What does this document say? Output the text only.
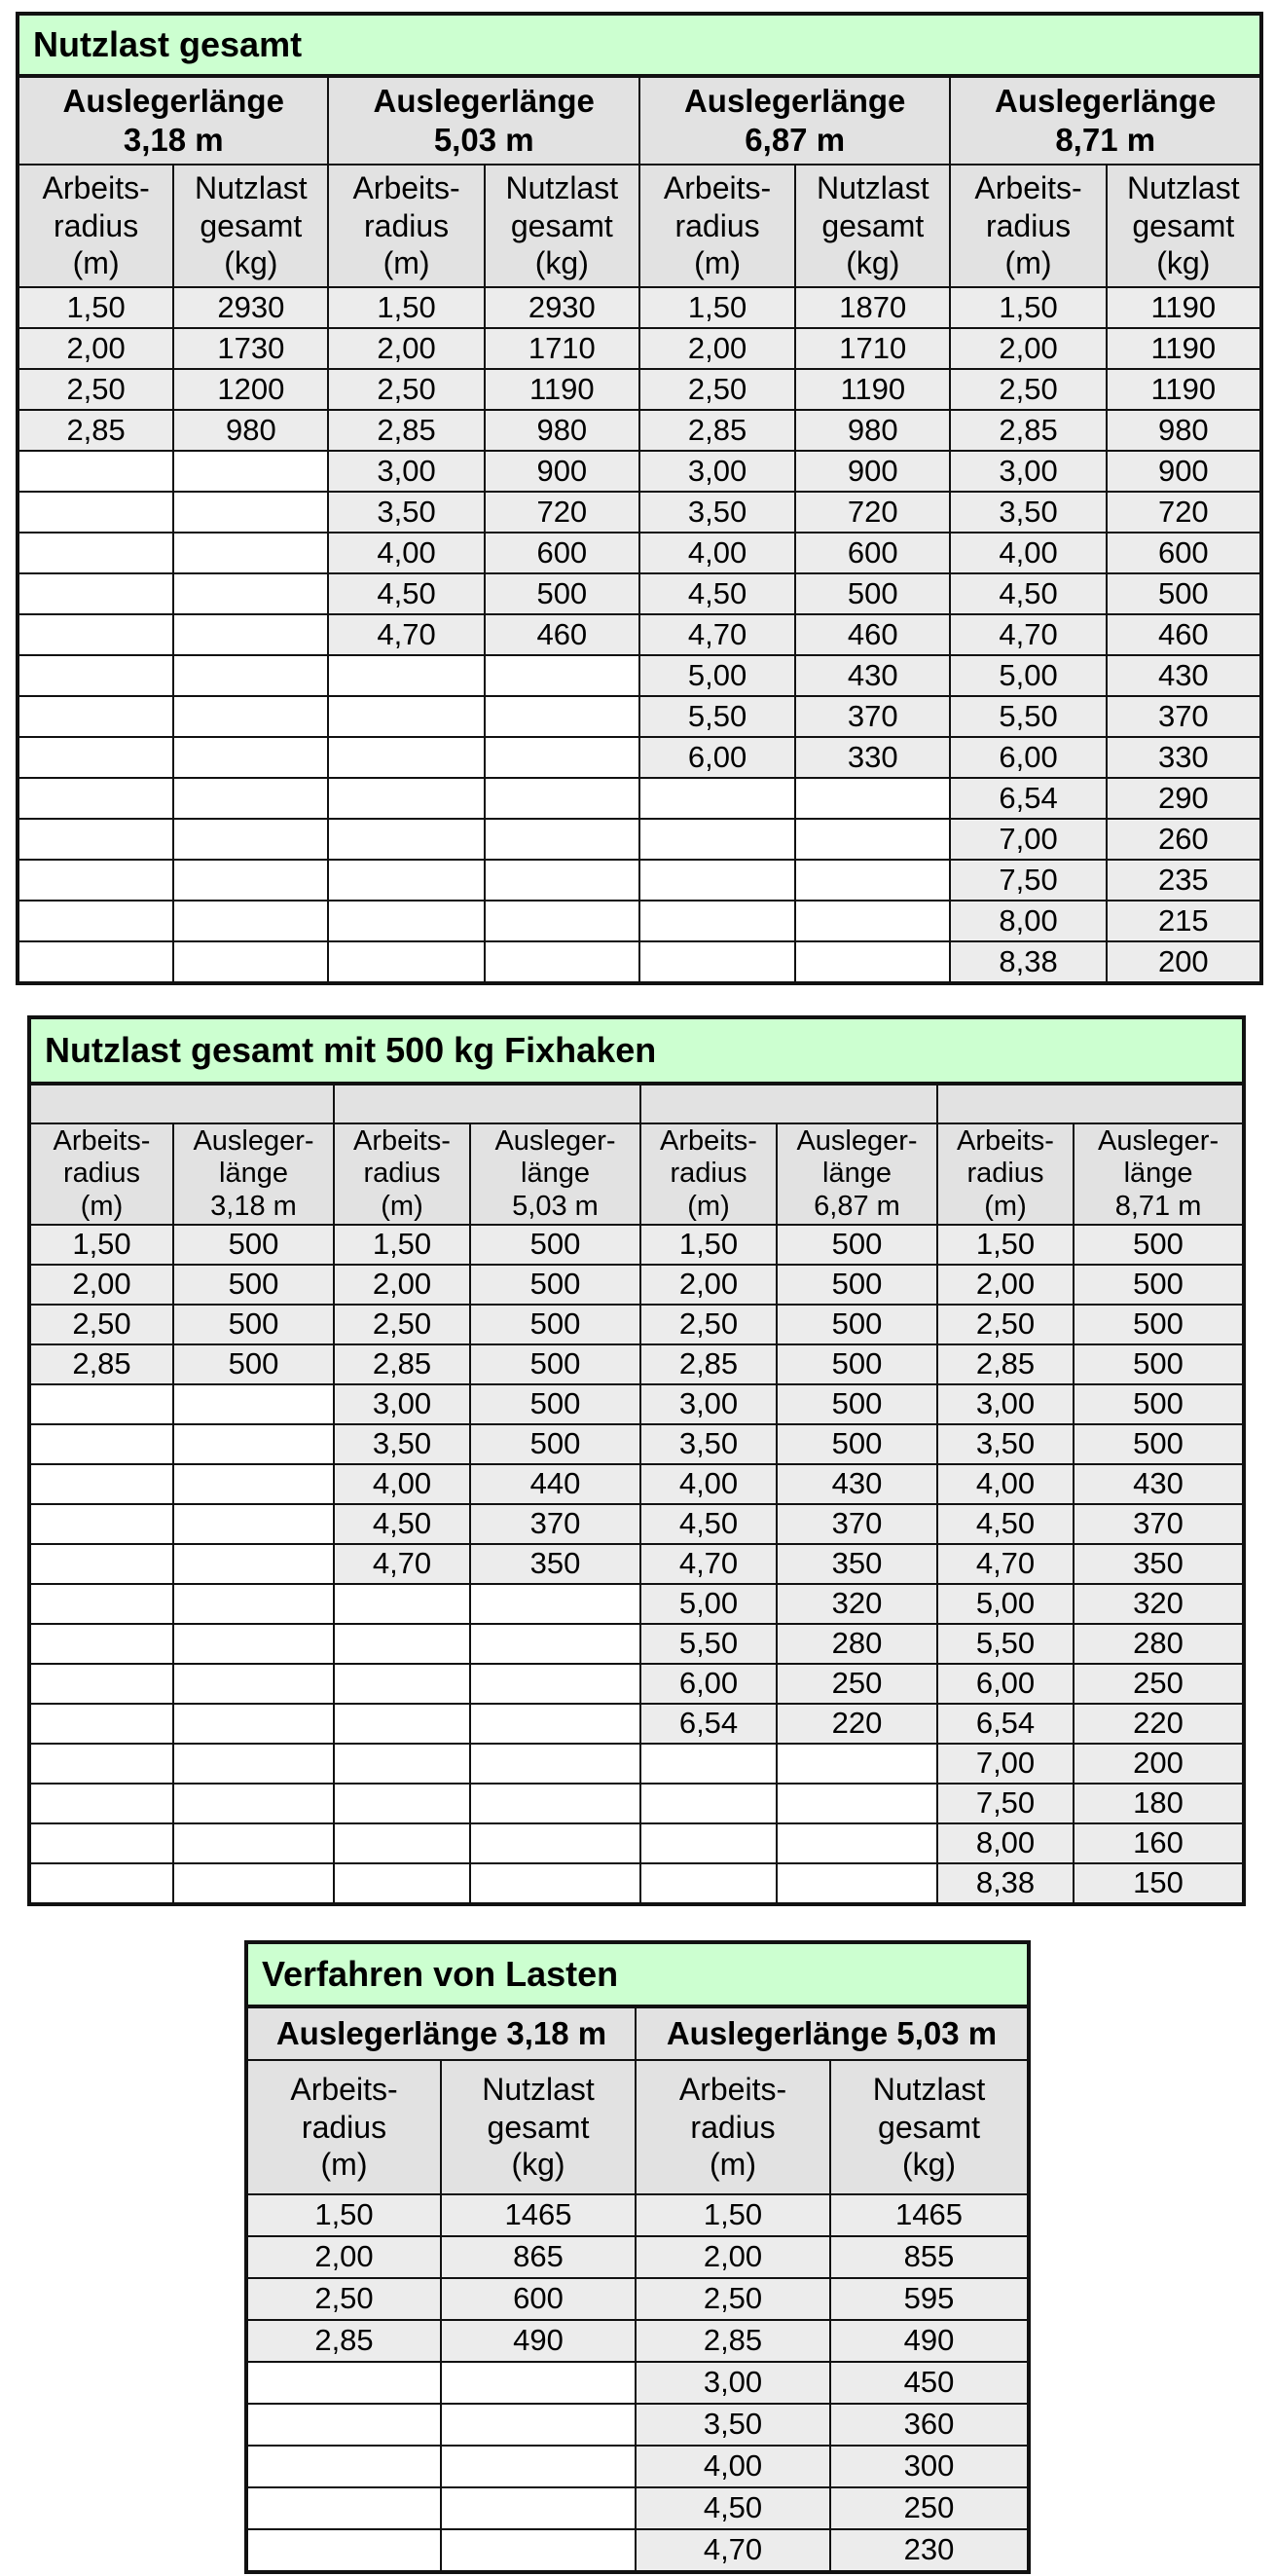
Nutzlast gesamt							
Auslegerlänge
3,18 m		Auslegerlänge
5,03 m		Auslegerlänge
6,87 m		Auslegerlänge
8,71 m	
Arbeits-
radius
(m)	Nutzlast
gesamt
(kg)	Arbeits-
radius
(m)	Nutzlast
gesamt
(kg)	Arbeits-
radius
(m)	Nutzlast
gesamt
(kg)	Arbeits-
radius
(m)	Nutzlast
gesamt
(kg)
1,50	2930	1,50	2930	1,50	1870	1,50	1190
2,00	1730	2,00	1710	2,00	1710	2,00	1190
2,50	1200	2,50	1190	2,50	1190	2,50	1190
2,85	980	2,85	980	2,85	980	2,85	980
		3,00	900	3,00	900	3,00	900
		3,50	720	3,50	720	3,50	720
		4,00	600	4,00	600	4,00	600
		4,50	500	4,50	500	4,50	500
		4,70	460	4,70	460	4,70	460
				5,00	430	5,00	430
				5,50	370	5,50	370
				6,00	330	6,00	330
						6,54	290
						7,00	260
						7,50	235
						8,00	215
						8,38	200
Nutzlast gesamt mit 500 kg Fixhaken							

Arbeits-
radius
(m)	Ausleger-
länge
3,18 m	Arbeits-
radius
(m)	Ausleger-
länge
5,03 m	Arbeits-
radius
(m)	Ausleger-
länge
6,87 m	Arbeits-
radius
(m)	Ausleger-
länge
8,71 m
1,50	500	1,50	500	1,50	500	1,50	500
2,00	500	2,00	500	2,00	500	2,00	500
2,50	500	2,50	500	2,50	500	2,50	500
2,85	500	2,85	500	2,85	500	2,85	500
		3,00	500	3,00	500	3,00	500
		3,50	500	3,50	500	3,50	500
		4,00	440	4,00	430	4,00	430
		4,50	370	4,50	370	4,50	370
		4,70	350	4,70	350	4,70	350
				5,00	320	5,00	320
				5,50	280	5,50	280
				6,00	250	6,00	250
				6,54	220	6,54	220
						7,00	200
						7,50	180
						8,00	160
						8,38	150
Verfahren von Lasten			
Auslegerlänge 3,18 m		Auslegerlänge 5,03 m	
Arbeits-
radius
(m)	Nutzlast
gesamt
(kg)	Arbeits-
radius
(m)	Nutzlast
gesamt
(kg)
1,50	1465	1,50	1465
2,00	865	2,00	855
2,50	600	2,50	595
2,85	490	2,85	490
		3,00	450
		3,50	360
		4,00	300
		4,50	250
		4,70	230
